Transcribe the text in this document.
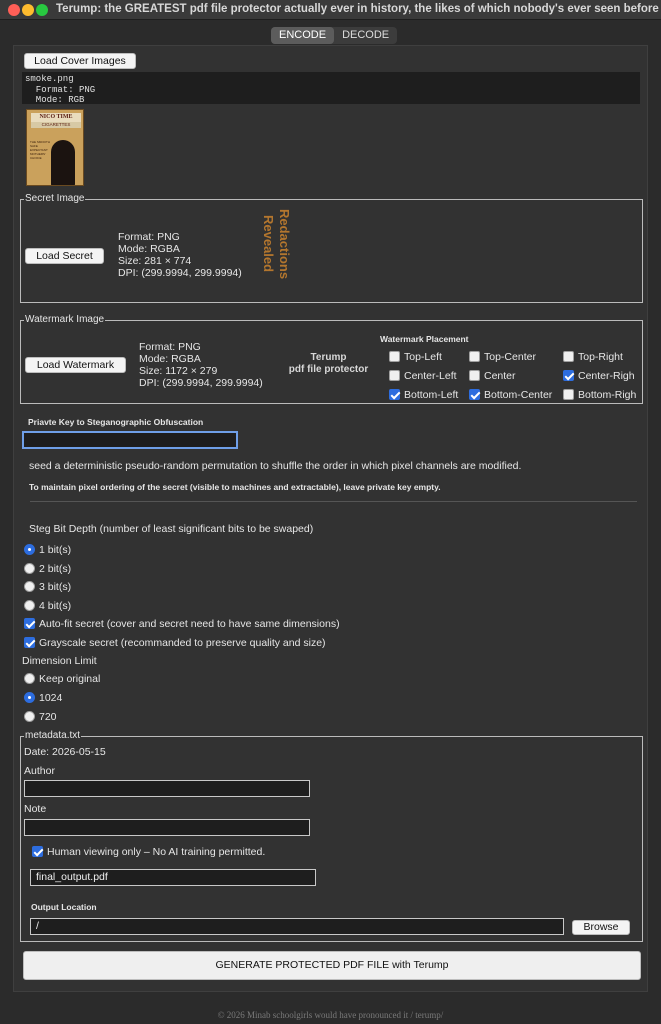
Terump: the GREATEST pdf file protector actually ever in history, the likes of which nobody's ever seen before
ENCODE	DECODE
Load Cover Images
smoke.png
Format: PNG
Mode: RGB
NICO TIME
CIGARETTES
THE SMOOTH SAFE EXPECTANT MOTHERS' CHOICE
Secret Image
Load Secret
Format: PNG
Mode: RGBA
Size: 281 × 774
DPI: (299.9994, 299.9994)	Redactions
Revealed
Watermark Image
Load Watermark
Format: PNG
Mode: RGBA
Size: 1172 × 279
DPI: (299.9994, 299.9994)
Terump
pdf file protector
Watermark Placement
Top-Left	Top-Center	Top-Right
Center-Left	Center	Center-Righ
Bottom-Left Bottom-Center Bottom-Righ
Priavte Key to Steganographic Obfuscation
seed a deterministic pseudo-random permutation to shuffle the order in which pixel channels are modified.
To maintain pixel ordering of the secret (visible to machines and extractable), leave private key empty.
Steg Bit Depth (number of least significant bits to be swaped)
1 bit(s)
2 bit(s)
3 bit(s)
4 bit(s)
Auto-fit secret (cover and secret need to have same dimensions)
Grayscale secret (recommanded to preserve quality and size)
Dimension Limit
Keep original
1024
720
metadata.txt
Date: 2026-05-15
Author
Note
Human viewing only – No AI training permitted.
final_output.pdf
Output Location
/	Browse
GENERATE PROTECTED PDF FILE with Terump
© 2026 Minab schoolgirls would have pronounced it / terump/
